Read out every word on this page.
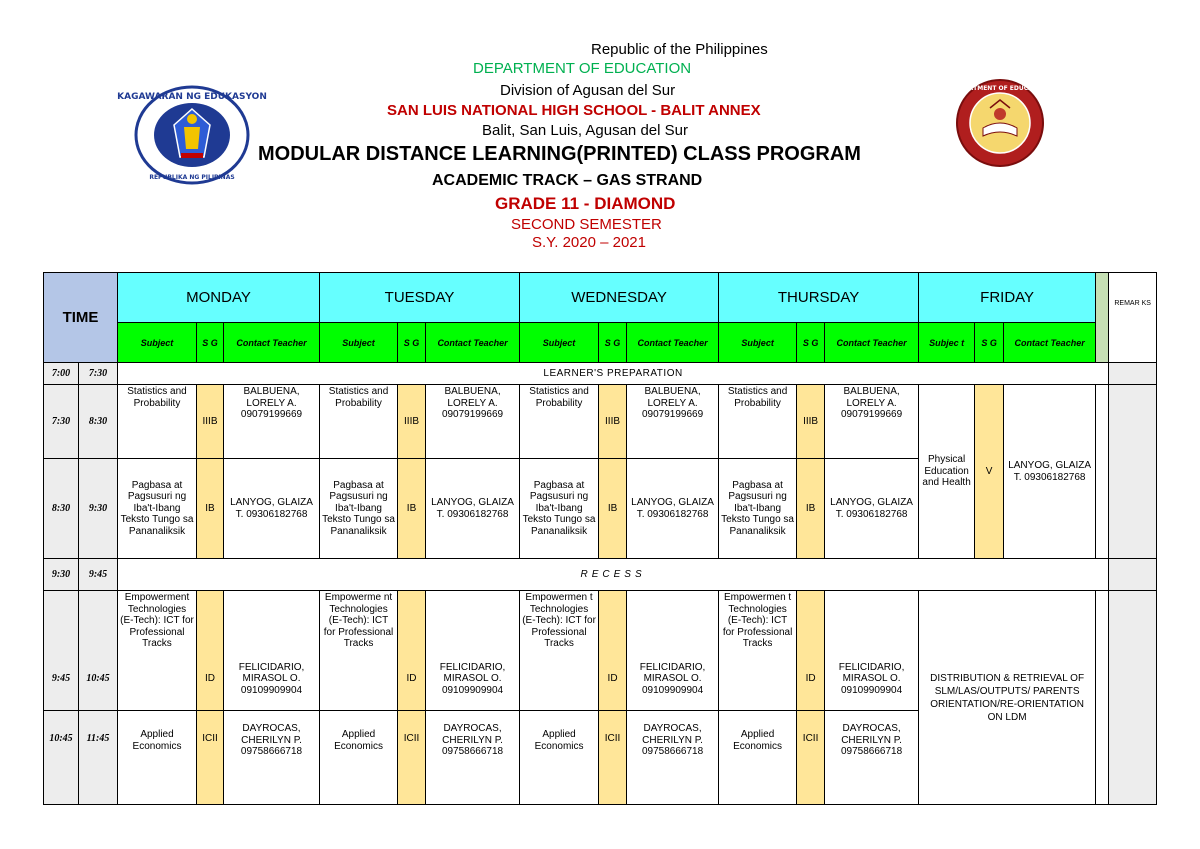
KAGAWARAN NG EDUKASYON
REPUBLIKA NG PILIPINAS
DEPARTMENT OF EDUCATION
Republic of the Philippines
DEPARTMENT OF EDUCATION
Division of Agusan del Sur
SAN LUIS NATIONAL HIGH SCHOOL - BALIT ANNEX
Balit, San Luis, Agusan del Sur
MODULAR DISTANCE LEARNING(PRINTED) CLASS PROGRAM
ACADEMIC TRACK – GAS STRAND
GRADE 11 - DIAMOND
SECOND SEMESTER
S.Y. 2020 – 2021
TIME		MONDAY			TUESDAY			WEDNESDAY			THURSDAY			FRIDAY				REMAR KS
		Subject	S G	Contact Teacher	Subject	S G	Contact Teacher	Subject	S G	Contact Teacher	Subject	S G	Contact Teacher	Subjec t	S G	Contact Teacher		
7:00	7:30	LEARNER'S PREPARATION																
7:30	8:30	Statistics and Probability	IIIB	BALBUENA, LORELY A. 09079199669	Statistics and Probability	IIIB	BALBUENA, LORELY A. 09079199669	Statistics and Probability	IIIB	BALBUENA, LORELY A. 09079199669	Statistics and Probability	IIIB	BALBUENA, LORELY A. 09079199669	Physical Education and Health	V	LANYOG, GLAIZA T. 09306182768		
8:30	9:30	Pagbasa at Pagsusuri ng Iba't-Ibang Teksto Tungo sa Pananaliksik	IB	LANYOG, GLAIZA T. 09306182768	Pagbasa at Pagsusuri ng Iba't-Ibang Teksto Tungo sa Pananaliksik	IB	LANYOG, GLAIZA T. 09306182768	Pagbasa at Pagsusuri ng Iba't-Ibang Teksto Tungo sa Pananaliksik	IB	LANYOG, GLAIZA T. 09306182768	Pagbasa at Pagsusuri ng Iba't-Ibang Teksto Tungo sa Pananaliksik	IB	LANYOG, GLAIZA T. 09306182768					
9:30	9:45	RECESS																
9:45	10:45	Empowerment Technologies (E-Tech): ICT for Professional Tracks	ID	FELICIDARIO, MIRASOL O. 09109909904	Empowerme nt Technologies (E-Tech): ICT for Professional Tracks	ID	FELICIDARIO, MIRASOL O. 09109909904	Empowermen t Technologies (E-Tech): ICT for Professional Tracks	ID	FELICIDARIO, MIRASOL O. 09109909904	Empowermen t Technologies (E-Tech): ICT for Professional Tracks	ID	FELICIDARIO, MIRASOL O. 09109909904	DISTRIBUTION & RETRIEVAL OF SLM/LAS/OUTPUTS/ PARENTS ORIENTATION/RE-ORIENTATION ON LDM				
10:45	11:45	Applied Economics	ICII	DAYROCAS, CHERILYN P. 09758666718	Applied Economics	ICII	DAYROCAS, CHERILYN P. 09758666718	Applied Economics	ICII	DAYROCAS, CHERILYN P. 09758666718	Applied Economics	ICII	DAYROCAS, CHERILYN P. 09758666718					
